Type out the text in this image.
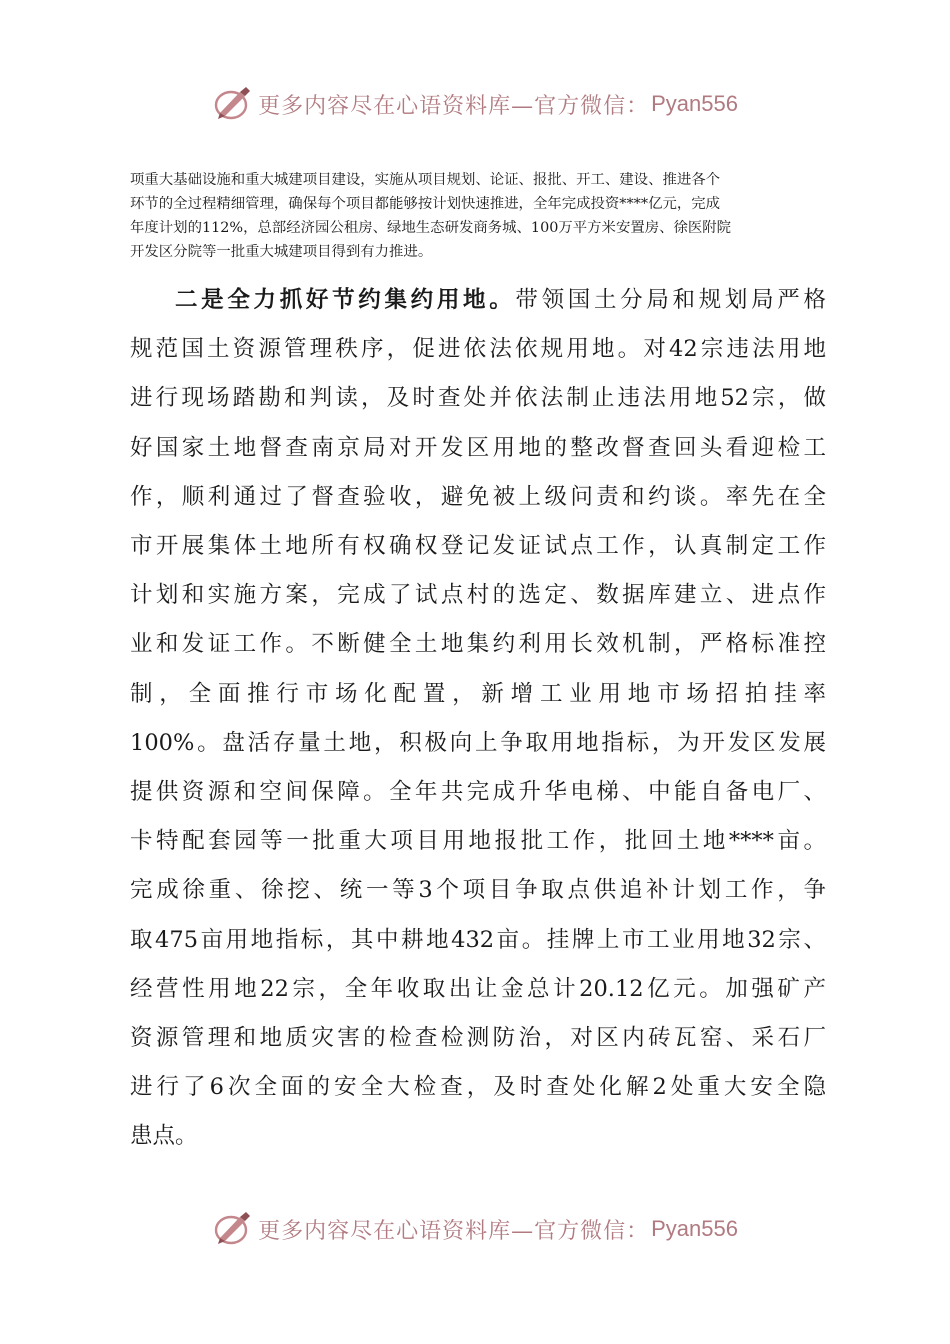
更多内容尽在心语资料库—官方微信： Pyan556
项重大基础设施和重大城建项目建设，实施从项目规划、论证、报批、开工、建设、推进各个
环节的全过程精细管理，确保每个项目都能够按计划快速推进，全年完成投资****亿元，完成
年度计划的112%，总部经济园公租房、绿地生态研发商务城、100万平方米安置房、徐医附院
开发区分院等一批重大城建项目得到有力推进。
二是全力抓好节约集约用地。带领国土分局和规划局严格
规范国土资源管理秩序，促进依法依规用地。对42宗违法用地
进行现场踏勘和判读，及时查处并依法制止违法用地52宗，做
好国家土地督查南京局对开发区用地的整改督查回头看迎检工
作，顺利通过了督查验收，避免被上级问责和约谈。率先在全
市开展集体土地所有权确权登记发证试点工作，认真制定工作
计划和实施方案，完成了试点村的选定、数据库建立、进点作
业和发证工作。不断健全土地集约利用长效机制，严格标准控
制，全面推行市场化配置，新增工业用地市场招拍挂率
100%。盘活存量土地，积极向上争取用地指标，为开发区发展
提供资源和空间保障。全年共完成升华电梯、中能自备电厂、
卡特配套园等一批重大项目用地报批工作，批回土地****亩。
完成徐重、徐挖、统一等3个项目争取点供追补计划工作，争
取475亩用地指标，其中耕地432亩。挂牌上市工业用地32宗、
经营性用地22宗，全年收取出让金总计20.12亿元。加强矿产
资源管理和地质灾害的检查检测防治，对区内砖瓦窑、采石厂
进行了6次全面的安全大检查，及时查处化解2处重大安全隐
患点。
更多内容尽在心语资料库—官方微信： Pyan556
